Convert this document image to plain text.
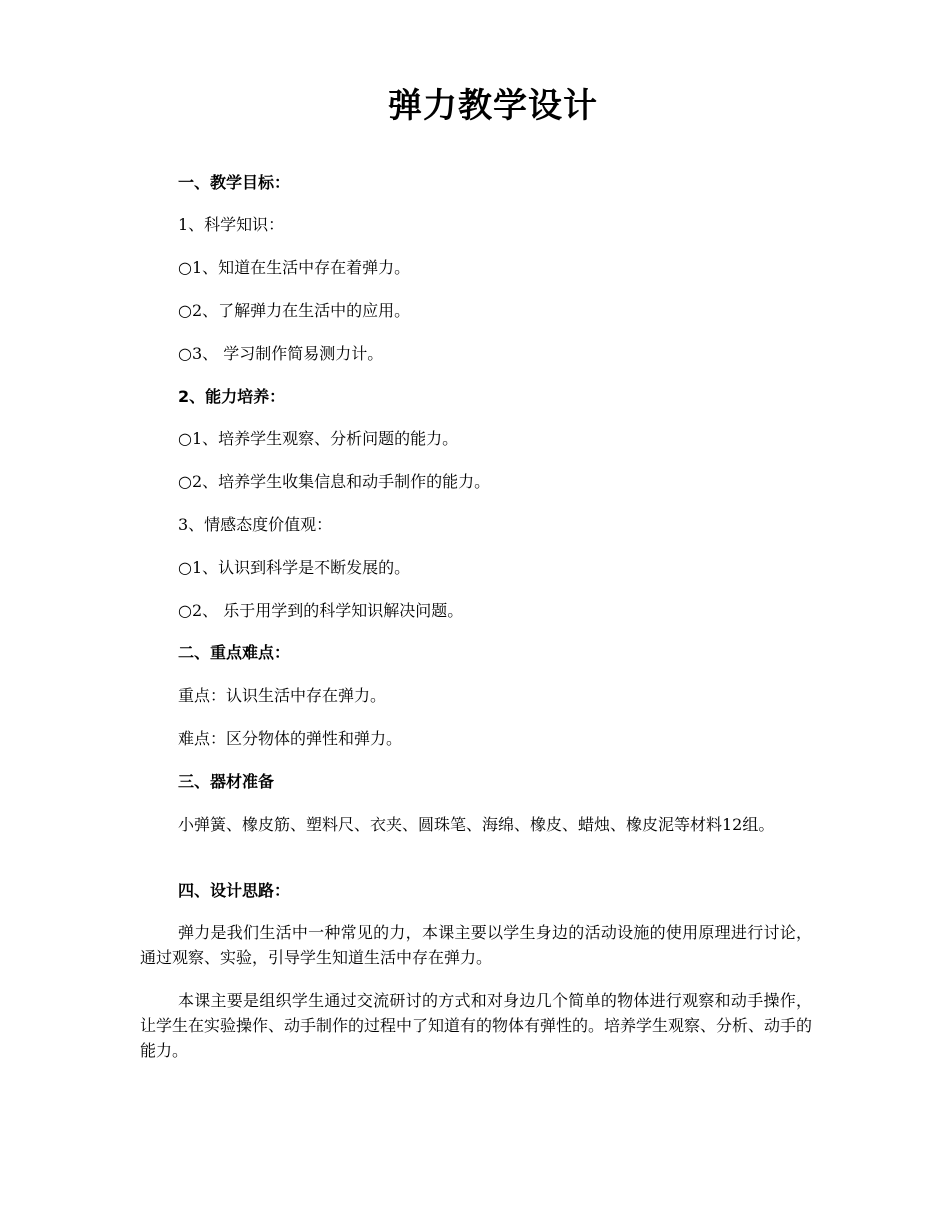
弹力教学设计
一、教学目标：
1、科学知识：
○1、知道在生活中存在着弹力。
○2、了解弹力在生活中的应用。
○3、 学习制作简易测力计。
2、能力培养：
○1、培养学生观察、分析问题的能力。
○2、培养学生收集信息和动手制作的能力。
3、情感态度价值观：
○1、认识到科学是不断发展的。
○2、 乐于用学到的科学知识解决问题。
二、重点难点：
重点：认识生活中存在弹力。
难点：区分物体的弹性和弹力。
三、器材准备
小弹簧、橡皮筋、塑料尺、衣夹、圆珠笔、海绵、橡皮、蜡烛、橡皮泥等材料12组。
四、设计思路：
弹力是我们生活中一种常见的力，本课主要以学生身边的活动设施的使用原理进行讨论，通过观察、实验，引导学生知道生活中存在弹力。
本课主要是组织学生通过交流研讨的方式和对身边几个简单的物体进行观察和动手操作，让学生在实验操作、动手制作的过程中了知道有的物体有弹性的。培养学生观察、分析、动手的能力。
